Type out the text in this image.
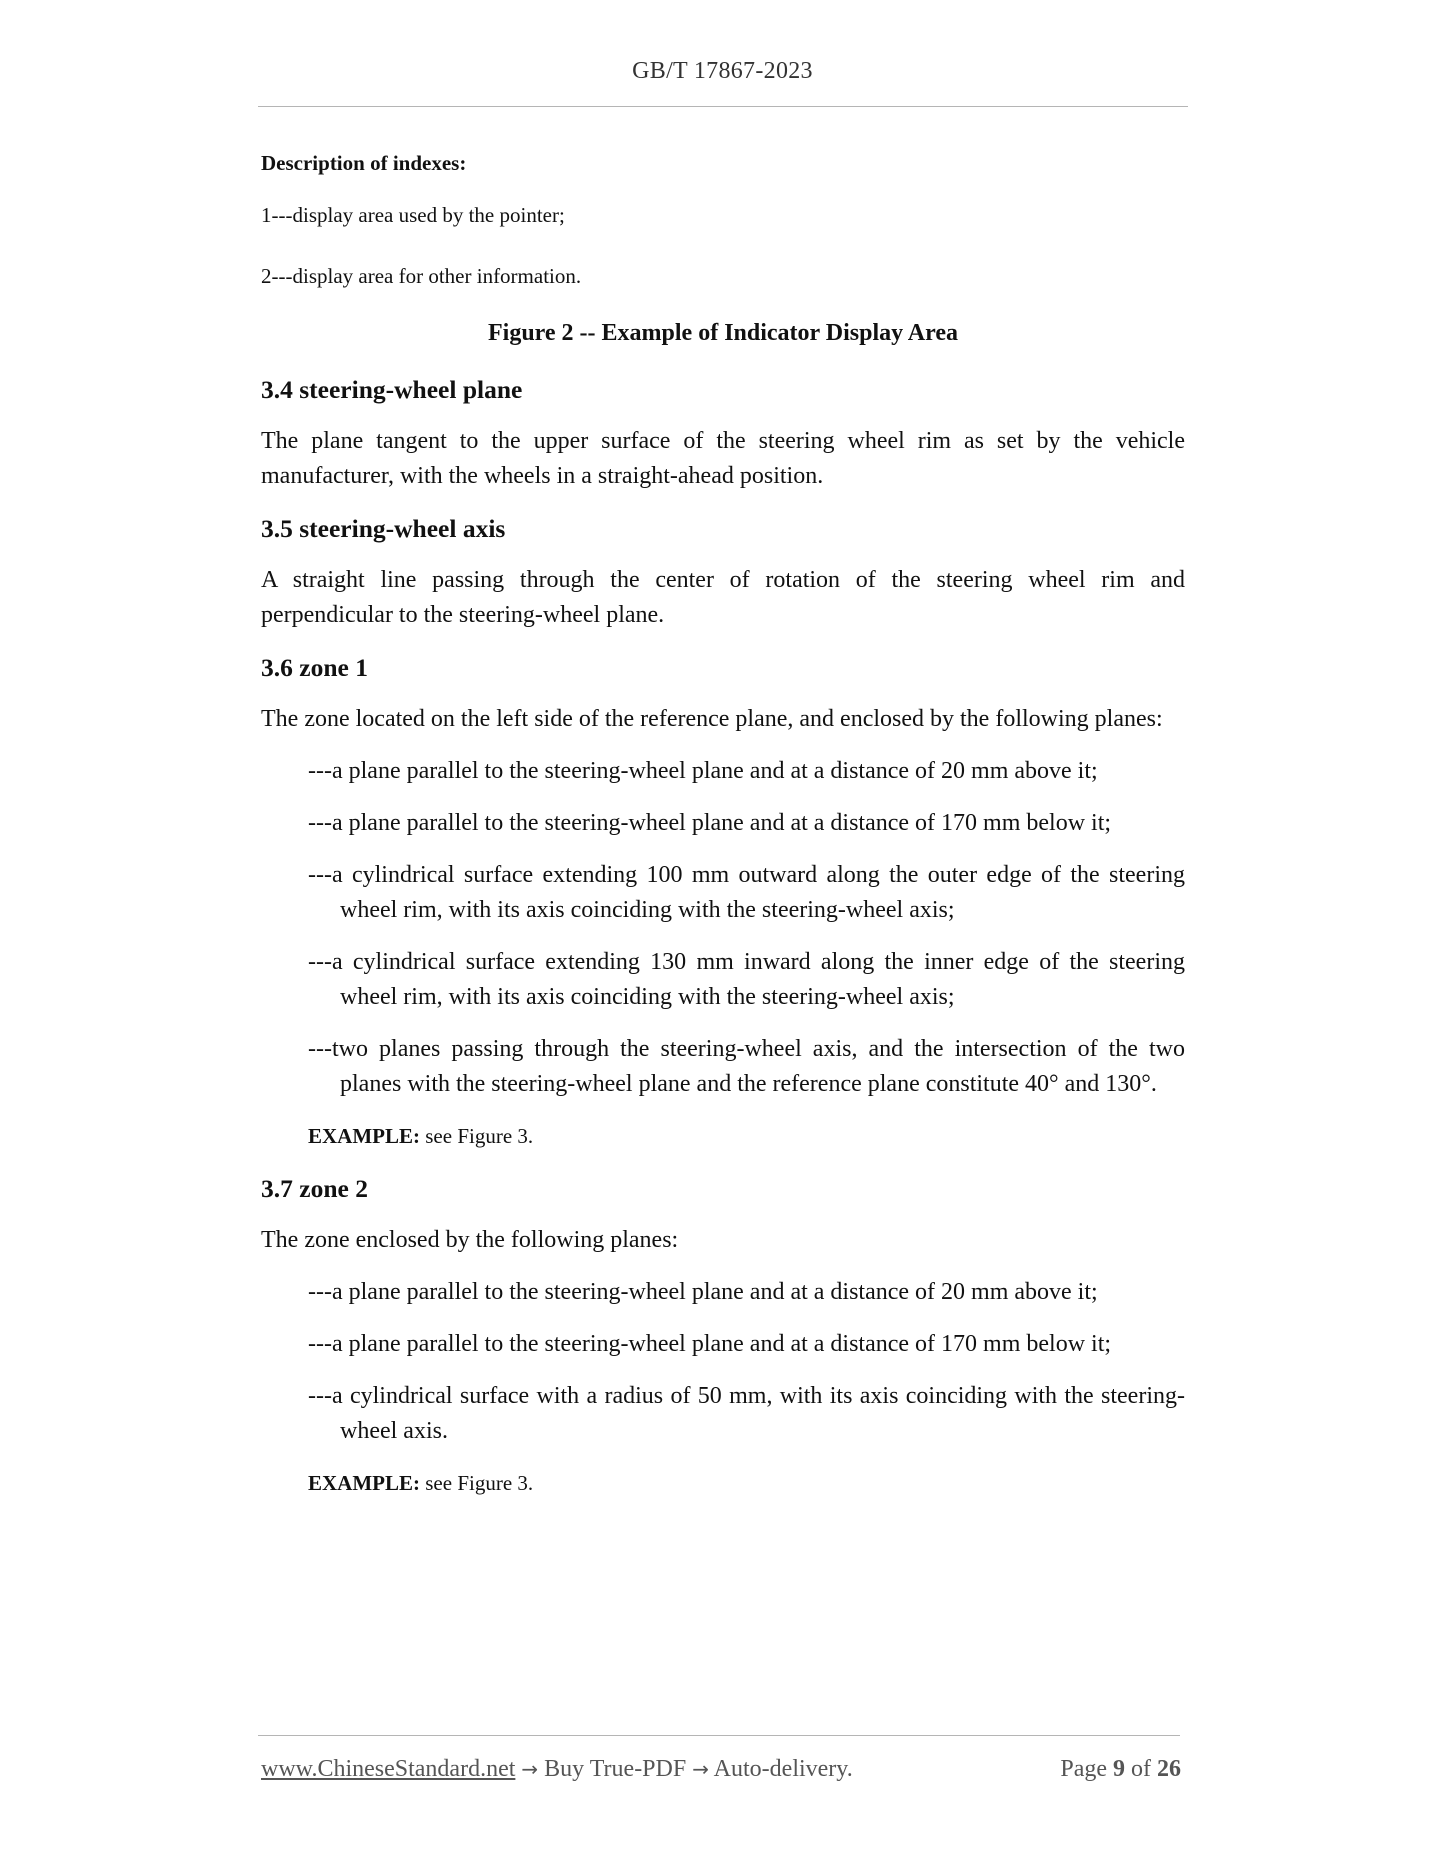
GB/T 17867-2023

Description of indexes:

1---display area used by the pointer;

2---display area for other information.

Figure 2 -- Example of Indicator Display Area

3.4 steering-wheel plane

The plane tangent to the upper surface of the steering wheel rim as set by the vehicle manufacturer, with the wheels in a straight-ahead position.

3.5 steering-wheel axis

A straight line passing through the center of rotation of the steering wheel rim and perpendicular to the steering-wheel plane.

3.6 zone 1

The zone located on the left side of the reference plane, and enclosed by the following planes:

---a plane parallel to the steering-wheel plane and at a distance of 20 mm above it;

---a plane parallel to the steering-wheel plane and at a distance of 170 mm below it;

---a cylindrical surface extending 100 mm outward along the outer edge of the steering wheel rim, with its axis coinciding with the steering-wheel axis;

---a cylindrical surface extending 130 mm inward along the inner edge of the steering wheel rim, with its axis coinciding with the steering-wheel axis;

---two planes passing through the steering-wheel axis, and the intersection of the two planes with the steering-wheel plane and the reference plane constitute 40° and 130°.

EXAMPLE: see Figure 3.

3.7 zone 2

The zone enclosed by the following planes:

---a plane parallel to the steering-wheel plane and at a distance of 20 mm above it;

---a plane parallel to the steering-wheel plane and at a distance of 170 mm below it;

---a cylindrical surface with a radius of 50 mm, with its axis coinciding with the steering-wheel axis.

EXAMPLE: see Figure 3.

www.ChineseStandard.net → Buy True-PDF → Auto-delivery.	Page 9 of 26
